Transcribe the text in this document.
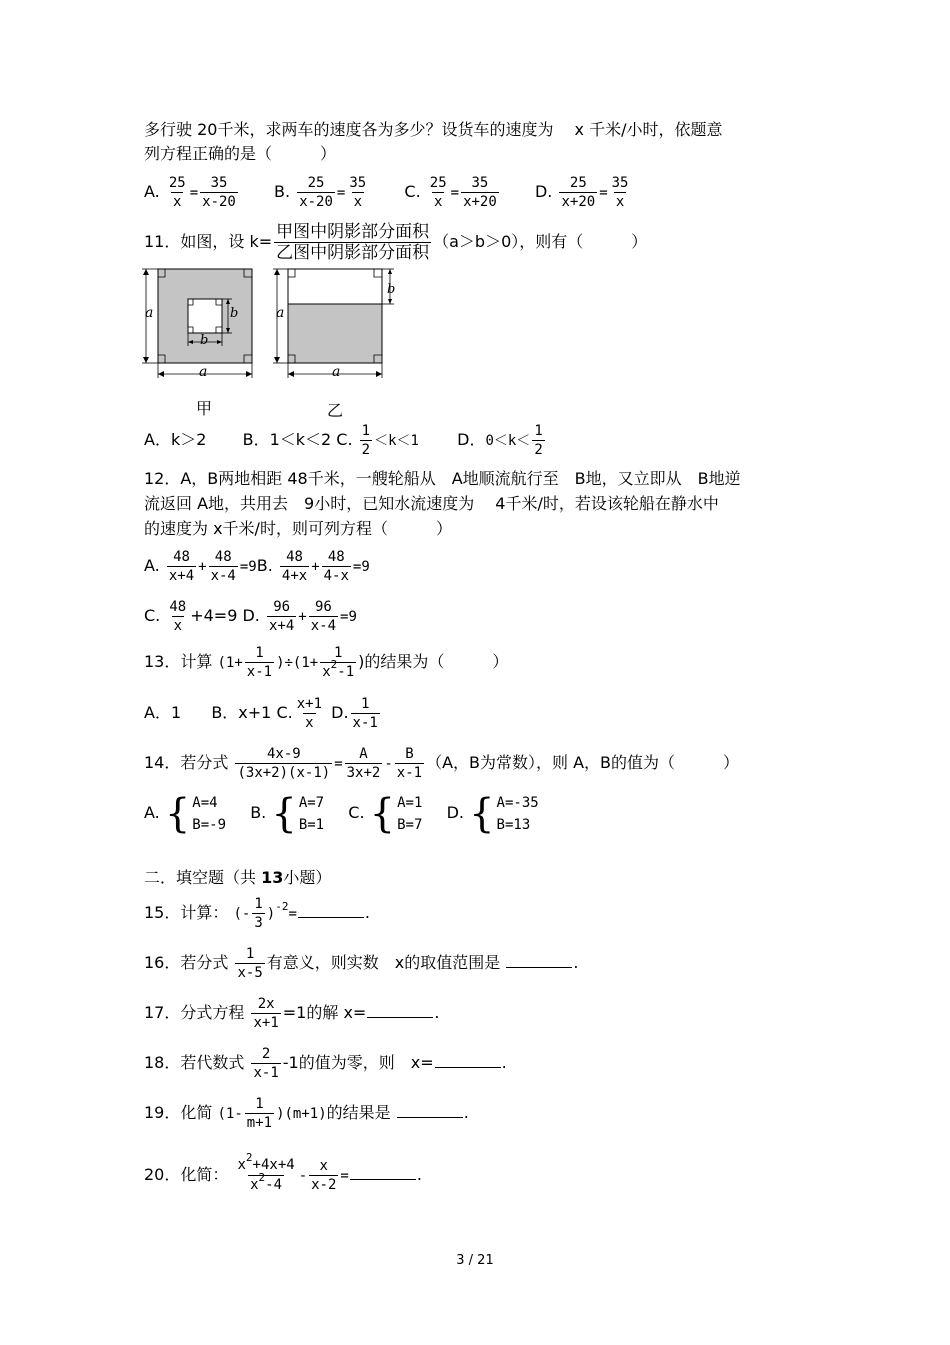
多行驶 20千米，求两车的速度各为多少？设货车的速度为　 x 千米/小时，依题意
列方程正确的是（　　　）
A. $\frac{25}{x} = \frac{35}{x-20} B$. $\frac{25}{x-20} = \frac{35}{x} C$. $\frac{25}{x} = \frac{35}{x+20} D$. $\frac{25}{x+20} = \frac{35}{x}$
11．如图，设 k= 甲图中阴影部分面积
乙图中阴影部分面积
（a＞b＞0），则有（　　　）
a
a
b
b
a
a
b
甲	乙
A．k＞2 B．1＜k＜2 C. $\frac{1}{2} <k<1$ D．$0<k< \frac{1}{2}$
12．A，B两地相距 48千米，一艘轮船从　A地顺流航行至　B地，又立即从　B地逆
流返回 A地，共用去　9小时，已知水流速度为　 4千米/时，若设该轮船在静水中
的速度为 x千米/时，则可列方程（　　　）
A. $\frac{48}{x+4} + \frac{48}{x-4} =9B$. $\frac{48}{4+x} + \frac{48}{4-x} =9$
C. $\frac{48}{x} +4=9$ D. $\frac{96}{x+4} + \frac{96}{x-4} =9$
13．计算 $(1+ \frac{1}{x-1} )\div(1+ \frac{1}{x^2-1}$ )的结果为（　　　）
A．1 B．x+1 C. $\frac{x+1}{x} D$. $\frac{1}{x-1}$
14．若分式 $\frac{4x-9}{(3x+2)(x-1)} = \frac{A}{3x+2} - \frac{B}{x-1} (A$，B为常数），则 A，B的值为（　　　）
A. { A=4
B=-9
B. { A=7
B=1
C. { A=1
B=7
D. { A=-35
B=13
二．填空题（共 13小题）
15．计算： (- $\frac{1}{3} )^{-2}=$	.
16．若分式 $\frac{1}{x-5}$ 有意义，则实数　x的取值范围是	.
17．分式方程 $\frac{2x}{x+1} =1$的解 x=	.
18．若代数式 $\frac{2}{x-1} -1$的值为零，则　x=	.
19．化简 $(1- \frac{1}{m+1} )(m+1)$的结果是	.
20．化简： $\frac{x^2+4x+4}{x^2-4} - \frac{x}{x-2}$ =	.
3 / 21
